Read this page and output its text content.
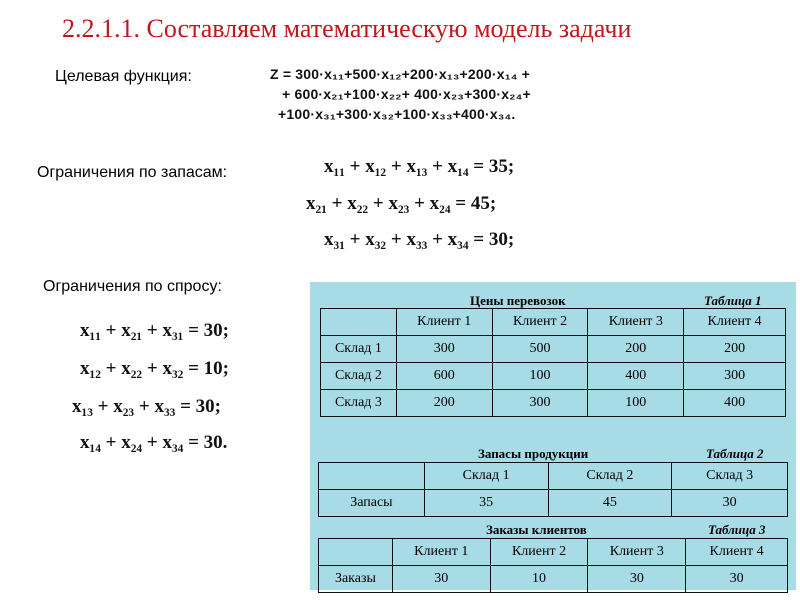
2.2.1.1. Составляем математическую модель задачи
Целевая функция:	Z = 300·x₁₁+500·x₁₂+200·x₁₃+200·x₁₄ +
+ 600·x₂₁+100·x₂₂+ 400·x₂₃+300·x₂₄+
+100·x₃₁+300·x₃₂+100·x₃₃+400·x₃₄.
Ограничения по запасам:	x₁₁ + x₁₂ + x₁₃ + x₁₄ = 35;
x₂₁ + x₂₂ + x₂₃ + x₂₄ = 45;
x₃₁ + x₃₂ + x₃₃ + x₃₄ = 30;
Ограничения по спросу:
x₁₁ + x₂₁ + x₃₁ = 30;
x₁₂ + x₂₂ + x₃₂ = 10;
x₁₃ + x₂₃ + x₃₃ = 30;
x₁₄ + x₂₄ + x₃₄ = 30.
Цены перевозок	Таблица 1
	Клиент 1	Клиент 2	Клиент 3	Клиент 4
Склад 1	300	500	200	200
Склад 2	600	100	400	300
Склад 3	200	300	100	400
Запасы продукции	Таблица 2
	Склад 1	Склад 2	Склад 3
Запасы	35	45	30
Заказы клиентов	Таблица 3
	Клиент 1	Клиент 2	Клиент 3	Клиент 4
Заказы	30	10	30	30
